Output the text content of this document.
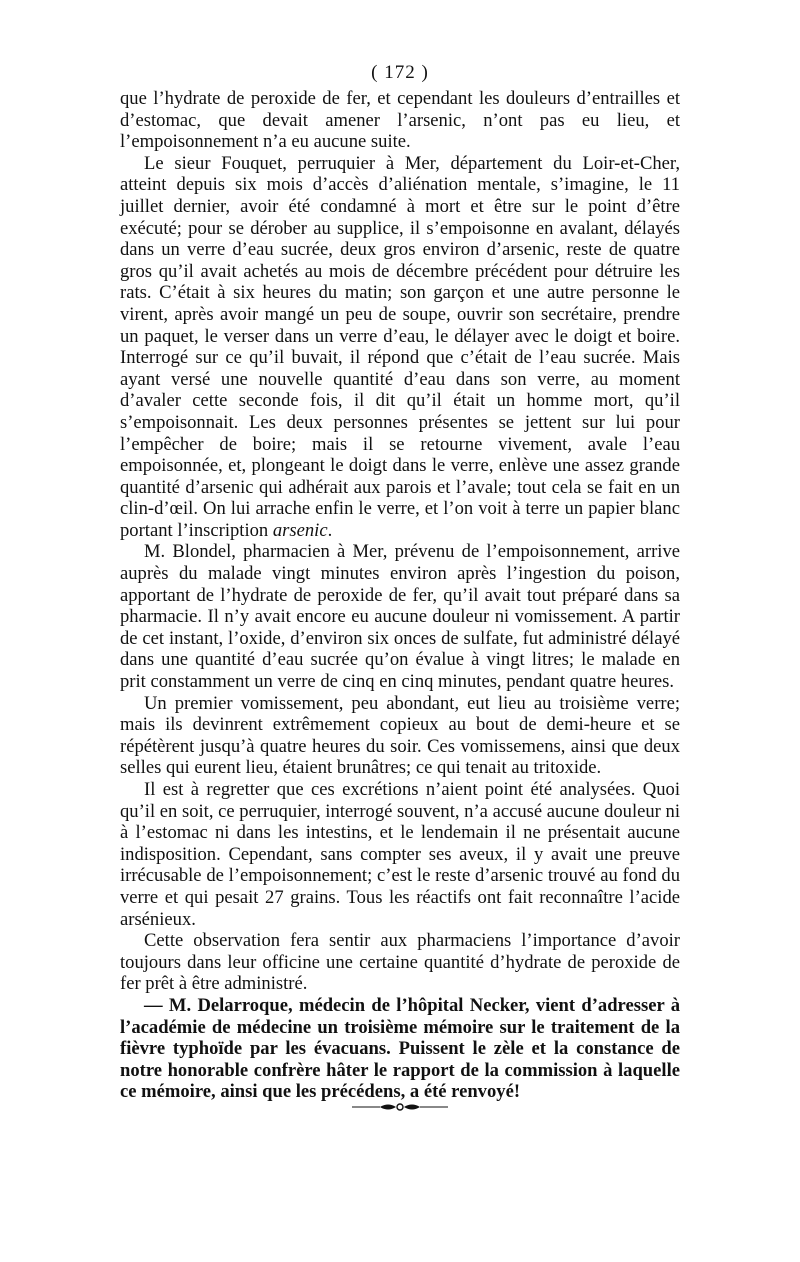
( 172 )

que l’hydrate de peroxide de fer, et cependant les douleurs d’entrailles et d’estomac, que devait amener l’arsenic, n’ont pas eu lieu, et l’empoisonnement n’a eu aucune suite.

Le sieur Fouquet, perruquier à Mer, département du Loir-et-Cher, atteint depuis six mois d’accès d’aliénation mentale, s’imagine, le 11 juillet dernier, avoir été condamné à mort et être sur le point d’être exécuté; pour se dérober au supplice, il s’empoisonne en avalant, délayés dans un verre d’eau sucrée, deux gros environ d’arsenic, reste de quatre gros qu’il avait achetés au mois de décembre précédent pour détruire les rats. C’était à six heures du matin; son garçon et une autre personne le virent, après avoir mangé un peu de soupe, ouvrir son secrétaire, prendre un paquet, le verser dans un verre d’eau, le délayer avec le doigt et boire. Interrogé sur ce qu’il buvait, il répond que c’était de l’eau sucrée. Mais ayant versé une nouvelle quantité d’eau dans son verre, au moment d’avaler cette seconde fois, il dit qu’il était un homme mort, qu’il s’empoisonnait. Les deux personnes présentes se jettent sur lui pour l’empêcher de boire; mais il se retourne vivement, avale l’eau empoisonnée, et, plongeant le doigt dans le verre, enlève une assez grande quantité d’arsenic qui adhérait aux parois et l’avale; tout cela se fait en un clin-d’œil. On lui arrache enfin le verre, et l’on voit à terre un papier blanc portant l’inscription arsenic.

M. Blondel, pharmacien à Mer, prévenu de l’empoisonnement, arrive auprès du malade vingt minutes environ après l’ingestion du poison, apportant de l’hydrate de peroxide de fer, qu’il avait tout préparé dans sa pharmacie. Il n’y avait encore eu aucune douleur ni vomissement. A partir de cet instant, l’oxide, d’environ six onces de sulfate, fut administré délayé dans une quantité d’eau sucrée qu’on évalue à vingt litres; le malade en prit constamment un verre de cinq en cinq minutes, pendant quatre heures.

Un premier vomissement, peu abondant, eut lieu au troisième verre; mais ils devinrent extrêmement copieux au bout de demi-heure et se répétèrent jusqu’à quatre heures du soir. Ces vomissemens, ainsi que deux selles qui eurent lieu, étaient brunâtres; ce qui tenait au tritoxide.

Il est à regretter que ces excrétions n’aient point été analysées. Quoi qu’il en soit, ce perruquier, interrogé souvent, n’a accusé aucune douleur ni à l’estomac ni dans les intestins, et le lendemain il ne présentait aucune indisposition. Cependant, sans compter ses aveux, il y avait une preuve irrécusable de l’empoisonnement; c’est le reste d’arsenic trouvé au fond du verre et qui pesait 27 grains. Tous les réactifs ont fait reconnaître l’acide arsénieux.

Cette observation fera sentir aux pharmaciens l’importance d’avoir toujours dans leur officine une certaine quantité d’hydrate de peroxide de fer prêt à être administré.

— M. Delarroque, médecin de l’hôpital Necker, vient d’adresser à l’académie de médecine un troisième mémoire sur le traitement de la fièvre typhoïde par les évacuans. Puissent le zèle et la constance de notre honorable confrère hâter le rapport de la commission à laquelle ce mémoire, ainsi que les précédens, a été renvoyé!
